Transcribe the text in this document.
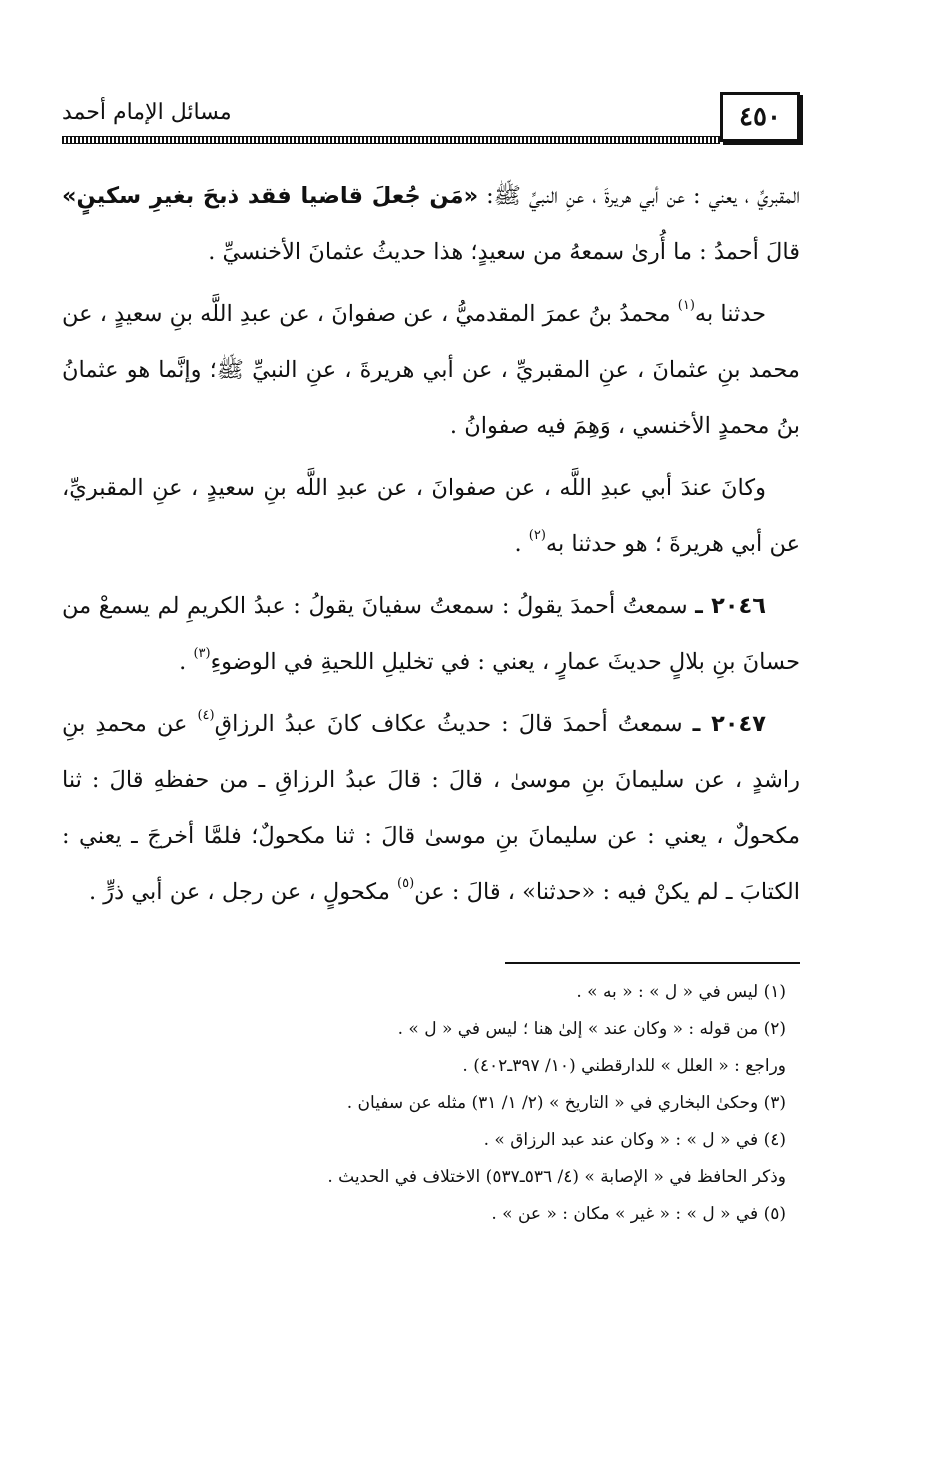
٤٥٠
مسائل الإمام أحمد

المقبريِّ ، يعني : عن أبي هريرةَ ، عنِ النبيِّ ﷺ: «مَن جُعلَ قاضيا فقد ذبحَ بغيرِ سكينٍ» قالَ أحمدُ : ما أُرىٰ سمعهُ من سعيدٍ؛ هذا حديثُ عثمانَ الأخنسيِّ .

حدثنا به$^{(١)}$ محمدُ بنُ عمرَ المقدميُّ ، عن صفوانَ ، عن عبدِ اللَّه بنِ سعيدٍ ، عن محمد بنِ عثمانَ ، عنِ المقبريِّ ، عن أبي هريرةَ ، عنِ النبيِّ ﷺ؛ وإنَّما هو عثمانُ بنُ محمدٍ الأخنسي ، وَهِمَ فيه صفوانُ .

وكانَ عندَ أبي عبدِ اللَّه ، عن صفوانَ ، عن عبدِ اللَّه بنِ سعيدٍ ، عنِ المقبريِّ، عن أبي هريرةَ ؛ هو حدثنا به$^{(٢)}$ .

٢٠٤٦ ـ سمعتُ أحمدَ يقولُ : سمعتُ سفيانَ يقولُ : عبدُ الكريمِ لم يسمعْ من حسانَ بنِ بلالٍ حديثَ عمارٍ ، يعني : في تخليلِ اللحيةِ في الوضوءِ$^{(٣)}$ .

٢٠٤٧ ـ سمعتُ أحمدَ قالَ : حديثُ عكاف كانَ عبدُ الرزاقِ$^{(٤)}$ عن محمدِ بنِ راشدٍ ، عن سليمانَ بنِ موسىٰ ، قالَ : قالَ عبدُ الرزاقِ ـ من حفظهِ قالَ : ثنا مكحولٌ ، يعني : عن سليمانَ بنِ موسىٰ قالَ : ثنا مكحولٌ؛ فلمَّا أخرجَ ـ يعني : الكتابَ ـ لم يكنْ فيه : «حدثنا» ، قالَ : عن$^{(٥)}$ مكحولٍ ، عن رجل ، عن أبي ذرٍّ .

(١) ليس في « ل » : « به » .
(٢) من قوله : « وكان عند » إلىٰ هنا ؛ ليس في « ل » .
وراجع : « العلل » للدارقطني (١٠/ ٣٩٧ـ٤٠٢) .
(٣) وحكىٰ البخاري في « التاريخ » (٢/ ١/ ٣١) مثله عن سفيان .
(٤) في « ل » : « وكان عند عبد الرزاق » .
وذكر الحافظ في « الإصابة » (٤/ ٥٣٦ـ٥٣٧) الاختلاف في الحديث .
(٥) في « ل » : « غير » مكان : « عن » .
